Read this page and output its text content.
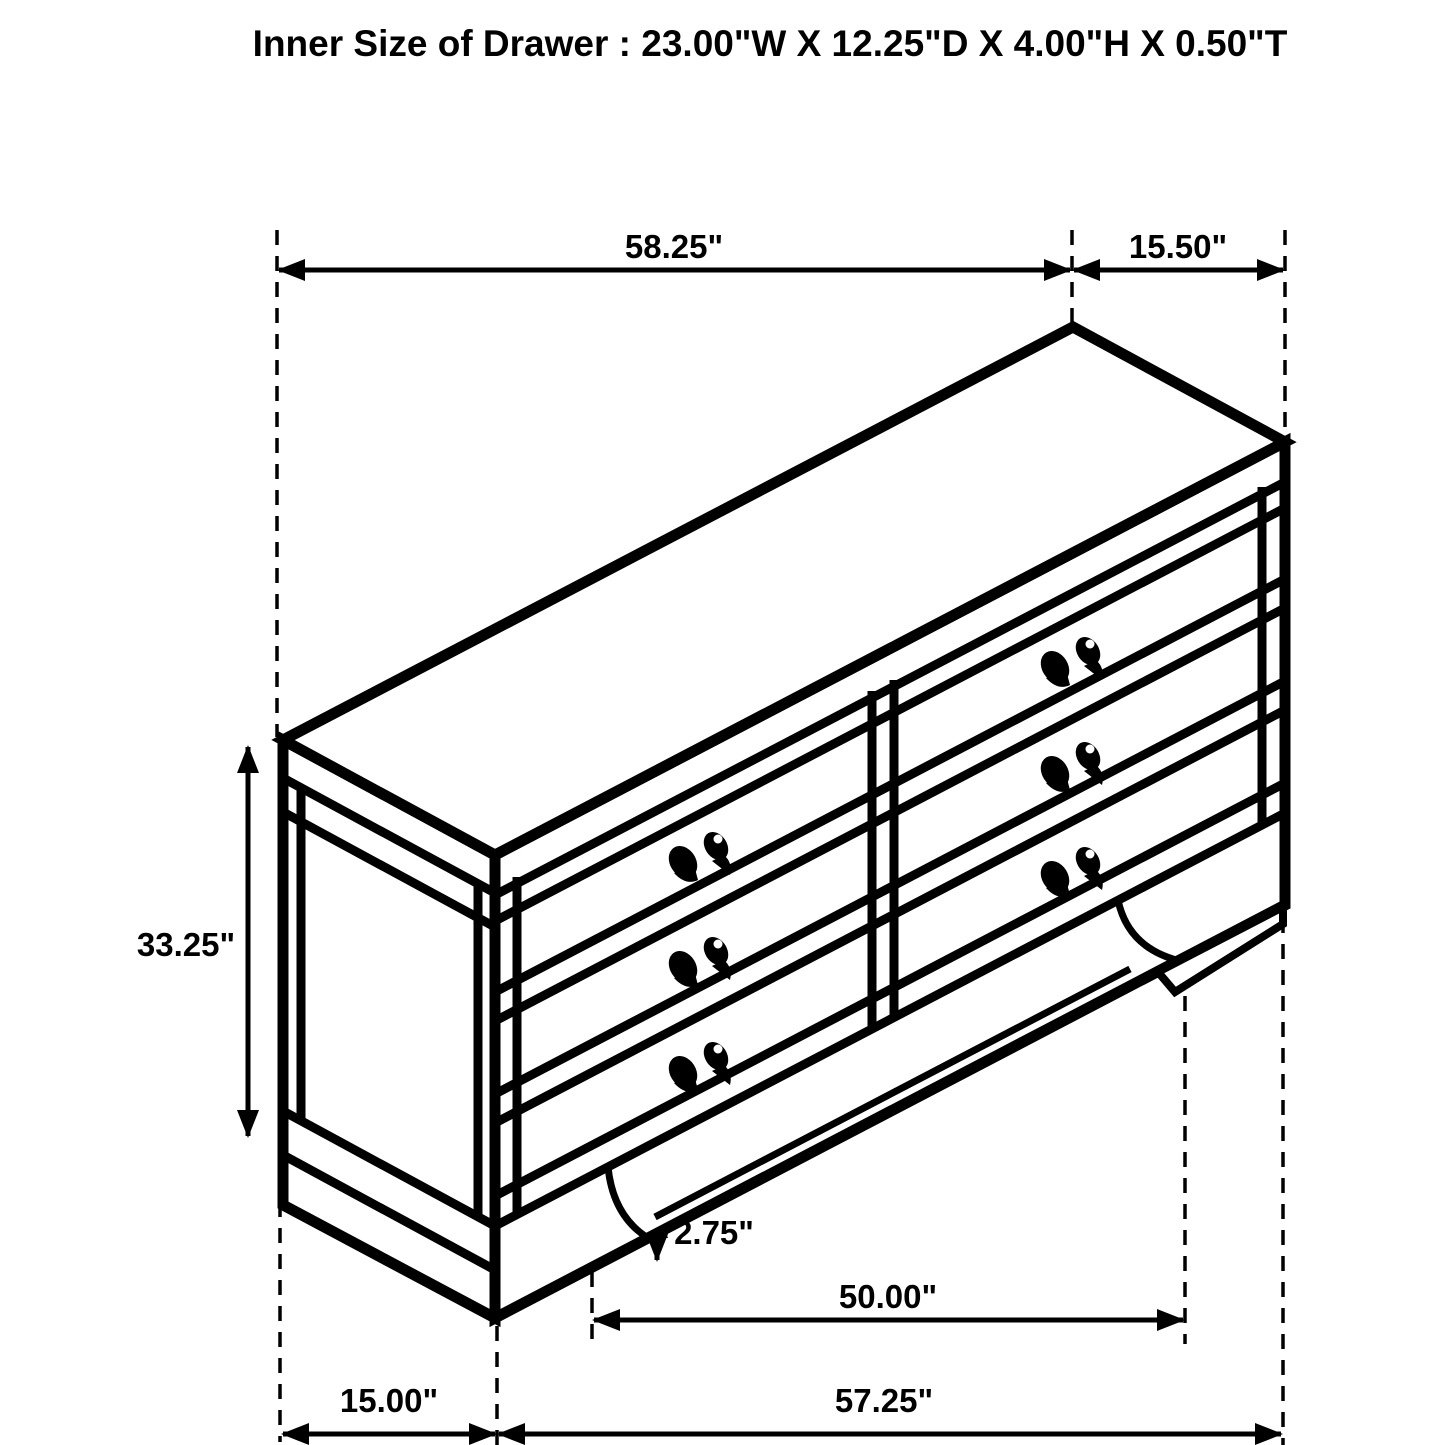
Inner Size of Drawer : 23.00"W X 12.25"D X 4.00"H X 0.50"T
58.25"	15.50"
33.25"
2.75"
50.00"
15.00"	57.25"
